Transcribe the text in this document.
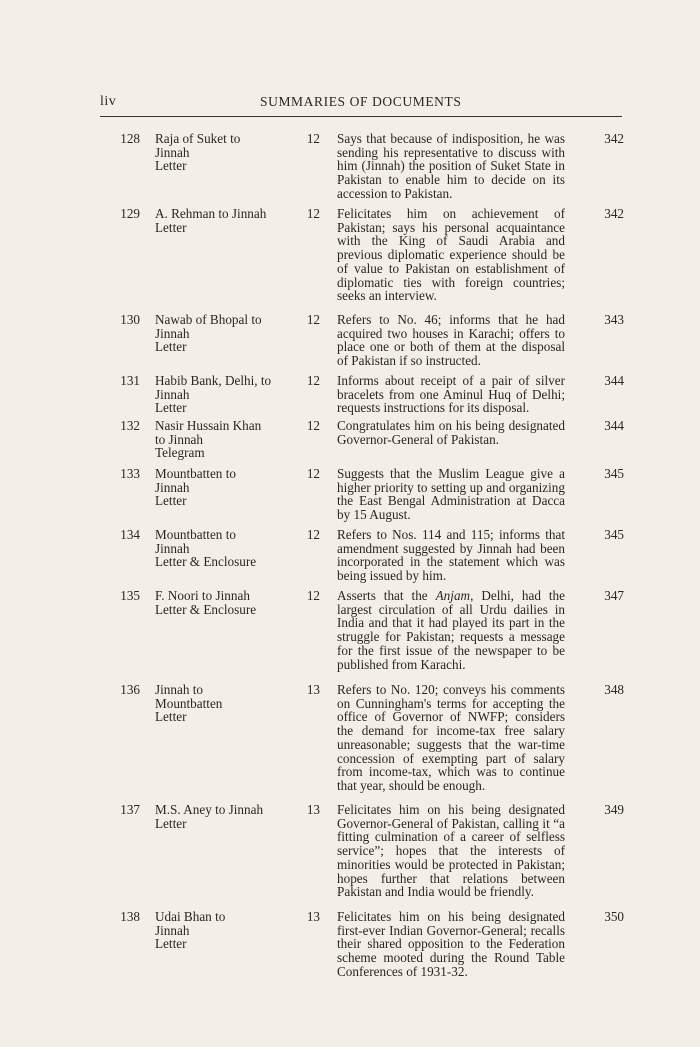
liv	SUMMARIES OF DOCUMENTS
128 Raja of Suket to
Jinnah
Letter
12 Says that because of indisposition, he was sending his representative to discuss with him (Jinnah) the position of Suket State in Pakistan to enable him to decide on its accession to Pakistan.
342
129 A. Rehman to Jinnah
Letter
12 Felicitates him on achievement of Pakistan; says his personal acquaintance with the King of Saudi Arabia and previous diplomatic experience should be of value to Pakistan on establishment of diplomatic ties with foreign countries; seeks an interview.
342
130 Nawab of Bhopal to
Jinnah
Letter
12 Refers to No. 46; informs that he had acquired two houses in Karachi; offers to place one or both of them at the disposal of Pakistan if so instructed.
343
131 Habib Bank, Delhi, to
Jinnah
Letter
12 Informs about receipt of a pair of silver bracelets from one Aminul Huq of Delhi; requests instructions for its disposal.
344
132 Nasir Hussain Khan
to Jinnah
Telegram
12 Congratulates him on his being designated Governor-General of Pakistan.
344
133 Mountbatten to
Jinnah
Letter
12 Suggests that the Muslim League give a higher priority to setting up and organizing the East Bengal Administration at Dacca by 15 August.
345
134 Mountbatten to
Jinnah
Letter & Enclosure
12 Refers to Nos. 114 and 115; informs that amendment suggested by Jinnah had been incorporated in the statement which was being issued by him.
345
135 F. Noori to Jinnah
Letter & Enclosure
12 Asserts that the Anjam, Delhi, had the largest circulation of all Urdu dailies in India and that it had played its part in the struggle for Pakistan; requests a message for the first issue of the newspaper to be published from Karachi.
347
136 Jinnah to
Mountbatten
Letter
13 Refers to No. 120; conveys his comments on Cunningham's terms for accepting the office of Governor of NWFP; considers the demand for income-tax free salary unreasonable; suggests that the war-time concession of exempting part of salary from income-tax, which was to continue that year, should be enough.
348
137 M.S. Aney to Jinnah
Letter
13 Felicitates him on his being designated Governor-General of Pakistan, calling it “a fitting culmination of a career of selfless service”; hopes that the interests of minorities would be protected in Pakistan; hopes further that relations between Pakistan and India would be friendly.
349
138 Udai Bhan to
Jinnah
Letter
13 Felicitates him on his being designated first-ever Indian Governor-General; recalls their shared opposition to the Federation scheme mooted during the Round Table Conferences of 1931-32.
350
